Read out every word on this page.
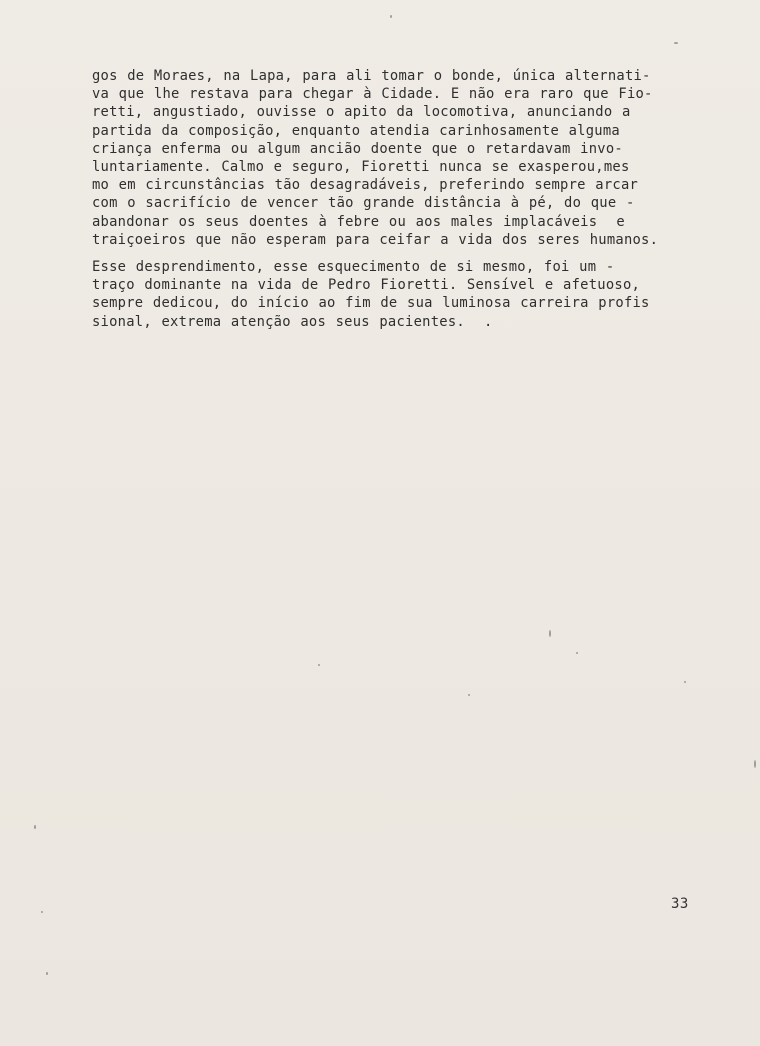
gos de Moraes, na Lapa, para ali tomar o bonde, única alternati-
va que lhe restava para chegar à Cidade. E não era raro que Fio-
retti, angustiado, ouvisse o apito da locomotiva, anunciando a
partida da composição, enquanto atendia carinhosamente alguma
criança enferma ou algum ancião doente que o retardavam invo-
luntariamente. Calmo e seguro, Fioretti nunca se exasperou,mes
mo em circunstâncias tão desagradáveis, preferindo sempre arcar
com o sacrifício de vencer tão grande distância à pé, do que -
abandonar os seus doentes à febre ou aos males implacáveis  e
traiçoeiros que não esperam para ceifar a vida dos seres humanos.
Esse desprendimento, esse esquecimento de si mesmo, foi um -
traço dominante na vida de Pedro Fioretti. Sensível e afetuoso,
sempre dedicou, do início ao fim de sua luminosa carreira profis
sional, extrema atenção aos seus pacientes.  .
33
